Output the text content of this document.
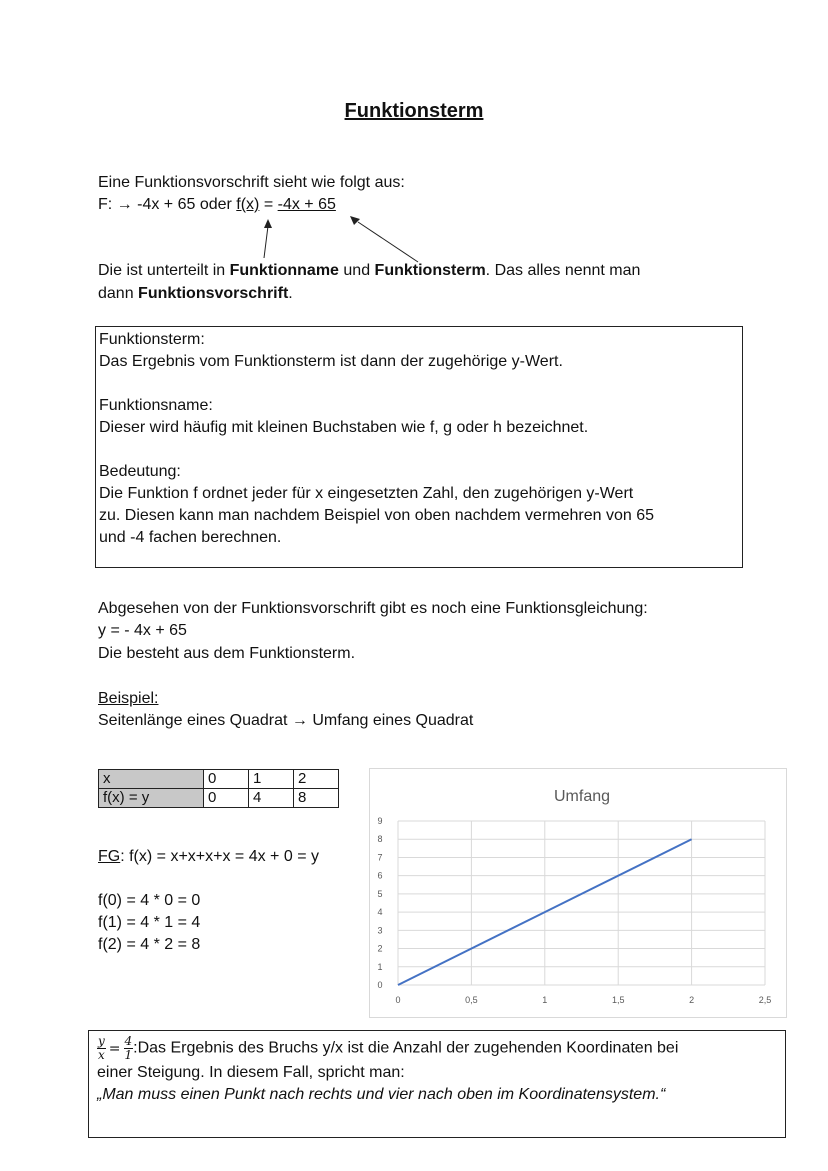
Funktionsterm
Eine Funktionsvorschrift sieht wie folgt aus:
F: → -4x + 65 oder f(x) = -4x + 65
Die ist unterteilt in Funktionname und Funktionsterm. Das alles nennt man
dann Funktionsvorschrift.
Funktionsterm:
Das Ergebnis vom Funktionsterm ist dann der zugehörige y-Wert.
Funktionsname:
Dieser wird häufig mit kleinen Buchstaben wie f, g oder h bezeichnet.
Bedeutung:
Die Funktion f ordnet jeder für x eingesetzten Zahl, den zugehörigen y-Wert
zu. Diesen kann man nachdem Beispiel von oben nachdem vermehren von 65
und -4 fachen berechnen.
Abgesehen von der Funktionsvorschrift gibt es noch eine Funktionsgleichung:
y = - 4x + 65
Die besteht aus dem Funktionsterm.
Beispiel:
Seitenlänge eines Quadrat → Umfang eines Quadrat
x	0	1	2
f(x) = y	0	4	8
FG: f(x) = x+x+x+x = 4x + 0 = y
f(0) = 4 * 0 = 0
f(1) = 4 * 1 = 4
f(2) = 4 * 2 = 8
Umfang
0
1
2
3
4
5
6
7
8
9
0	0,5	1	1,5	2	2,5
$\frac{y}{x} = \frac{4}{1}$ :Das Ergebnis des Bruchs y/x ist die Anzahl der zugehenden Koordinaten bei
einer Steigung. In diesem Fall, spricht man:
„Man muss einen Punkt nach rechts und vier nach oben im Koordinatensystem.“
